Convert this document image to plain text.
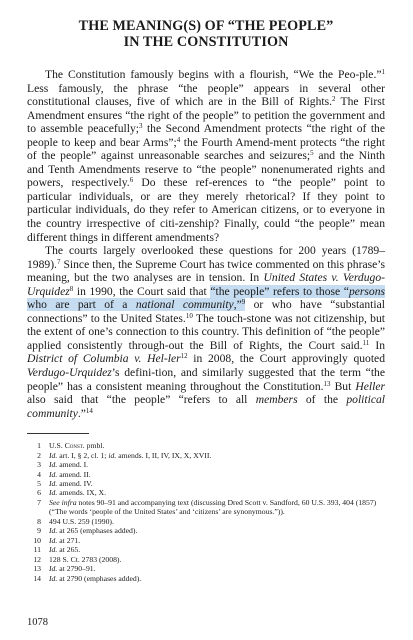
THE MEANING(S) OF “THE PEOPLE”
IN THE CONSTITUTION

The Constitution famously begins with a flourish, “We the Peo-ple.”$^1$ Less famously, the phrase “the people” appears in several other constitutional clauses, five of which are in the Bill of Rights.$^2$ The First Amendment ensures “the right of the people” to petition the government and to assemble peacefully;$^3$ the Second Amendment protects “the right of the people to keep and bear Arms”;$^4$ the Fourth Amend-ment protects “the right of the people” against unreasonable searches and seizures;$^5$ and the Ninth and Tenth Amendments reserve to “the people” nonenumerated rights and powers, respectively.$^6$ Do these ref-erences to “the people” point to particular individuals, or are they merely rhetorical? If they point to particular individuals, do they refer to American citizens, or to everyone in the country irrespective of citi-zenship? Finally, could “the people” mean different things in different amendments?

The courts largely overlooked these questions for 200 years (1789–1989).$^7$ Since then, the Supreme Court has twice commented on this phrase’s meaning, but the two analyses are in tension. In United States v. Verdugo-Urquidez$^8$ in 1990, the Court said that “the people” refers to those “persons who are part of a national community,”$^9$ or who have “substantial connections” to the United States.$^{10}$ The touch-stone was not citizenship, but the extent of one’s connection to this country. This definition of “the people” applied consistently through-out the Bill of Rights, the Court said.$^{11}$ In District of Columbia v. Hel-ler$^{12}$ in 2008, the Court approvingly quoted Verdugo-Urquidez’s defini-tion, and similarly suggested that the term “the people” has a consistent meaning throughout the Constitution.$^{13}$ But Heller also said that “the people” “refers to all members of the political community.”$^{14}$

1 U.S. Const. pmbl.
2 Id. art. I, § 2, cl. 1; id. amends. I, II, IV, IX, X, XVII.
3 Id. amend. I.
4 Id. amend. II.
5 Id. amend. IV.
6 Id. amends. IX, X.
7 See infra notes 90–91 and accompanying text (discussing Dred Scott v. Sandford, 60 U.S. 393, 404 (1857) (“The words ‘people of the United States’ and ‘citizens’ are synonymous.”)).
8 494 U.S. 259 (1990).
9 Id. at 265 (emphases added).
10 Id. at 271.
11 Id. at 265.
12 128 S. Ct. 2783 (2008).
13 Id. at 2790–91.
14 Id. at 2790 (emphases added).
1078
